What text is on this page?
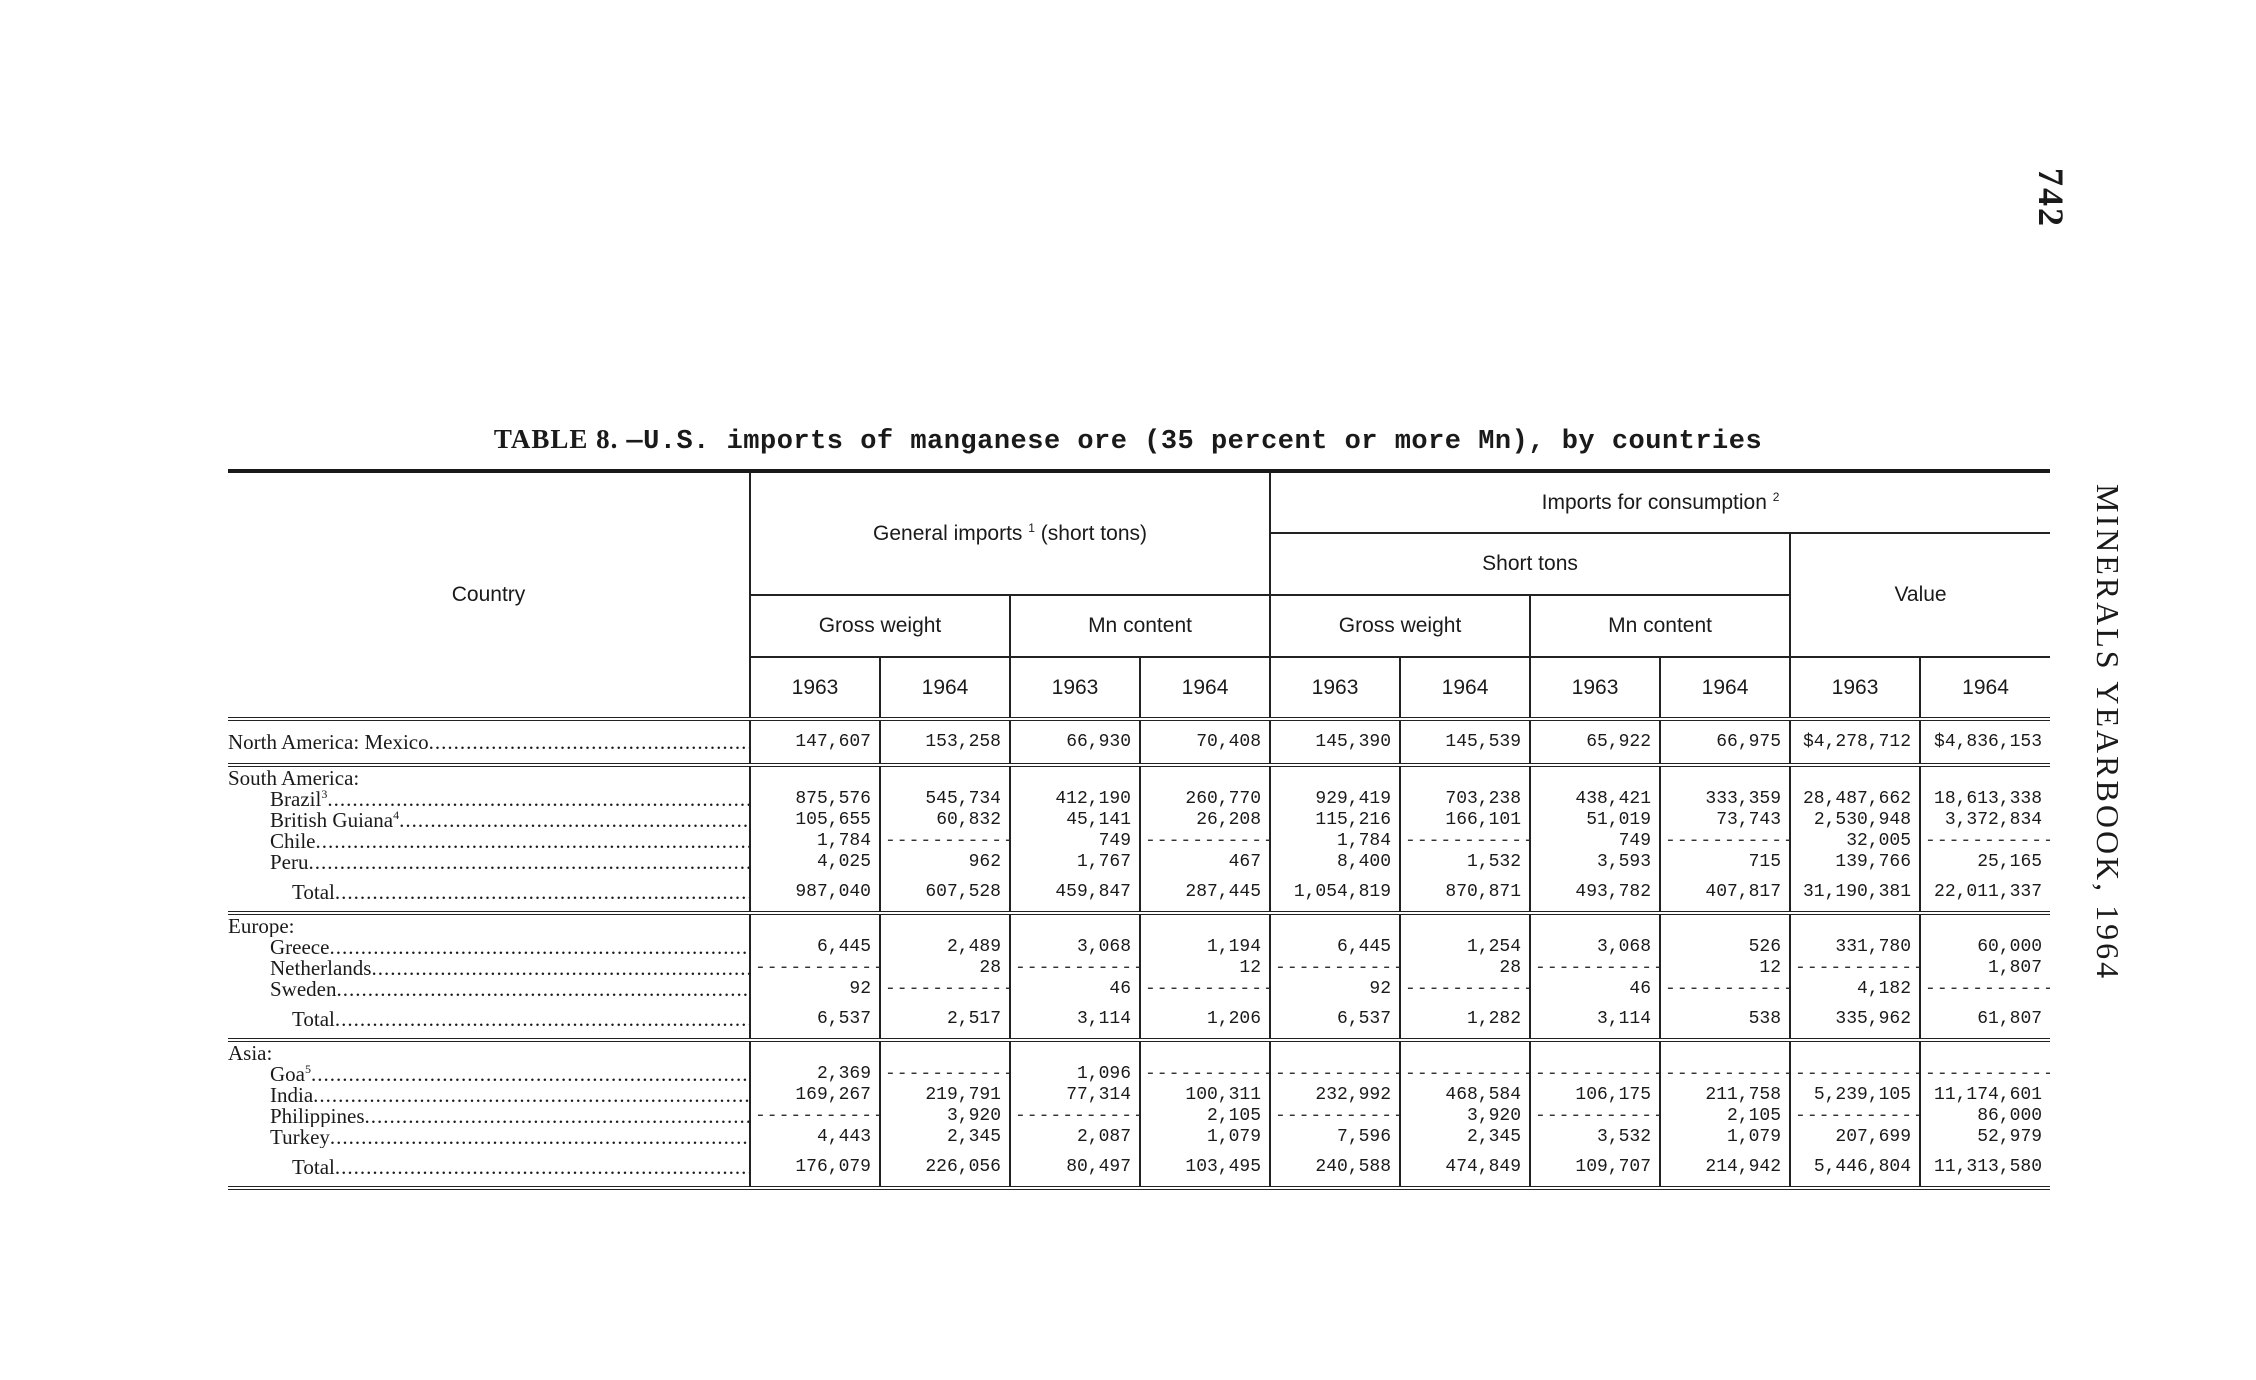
742
MINERALS YEARBOOK, 1964
TABLE 8. —U.S. imports of manganese ore (35 percent or more Mn), by countries
Country	General imports $^1$ (short tons)				Imports for consumption $^2$
					Short tons				Value	
	Gross weight		Mn content		Gross weight		Mn content			
	1963	1964	1963	1964	1963	1964	1963	1964	1963	1964
North America: Mexico .....	147,607	153,258	66,930	70,408	145,390	145,539	65,922	66,975	$4,278,712	$4,836,153
South America:										
Brazil$^3$ .....	875,576	545,734	412,190	260,770	929,419	703,238	438,421	333,359	28,487,662	18,613,338
British Guiana$^4$ .....	105,655	60,832	45,141	26,208	115,216	166,101	51,019	73,743	2,530,948	3,372,834
Chile .....	1,784	-----	749	-----	1,784	-----	749	-----	32,005	-----
Peru .....	4,025	962	1,767	467	8,400	1,532	3,593	715	139,766	25,165
Total .....	987,040	607,528	459,847	287,445	1,054,819	870,871	493,782	407,817	31,190,381	22,011,337
Europe:										
Greece .....	6,445	2,489	3,068	1,194	6,445	1,254	3,068	526	331,780	60,000
Netherlands .....	-----	28	-----	12	-----	28	-----	12	-----	1,807
Sweden .....	92	-----	46	-----	92	-----	46	-----	4,182	-----
Total .....	6,537	2,517	3,114	1,206	6,537	1,282	3,114	538	335,962	61,807
Asia:										
Goa$^5$ .....	2,369	-----	1,096	-----	-----	-----	-----	-----	-----	-----
India .....	169,267	219,791	77,314	100,311	232,992	468,584	106,175	211,758	5,239,105	11,174,601
Philippines .....	-----	3,920	-----	2,105	-----	3,920	-----	2,105	-----	86,000
Turkey .....	4,443	2,345	2,087	1,079	7,596	2,345	3,532	1,079	207,699	52,979
Total .....	176,079	226,056	80,497	103,495	240,588	474,849	109,707	214,942	5,446,804	11,313,580
